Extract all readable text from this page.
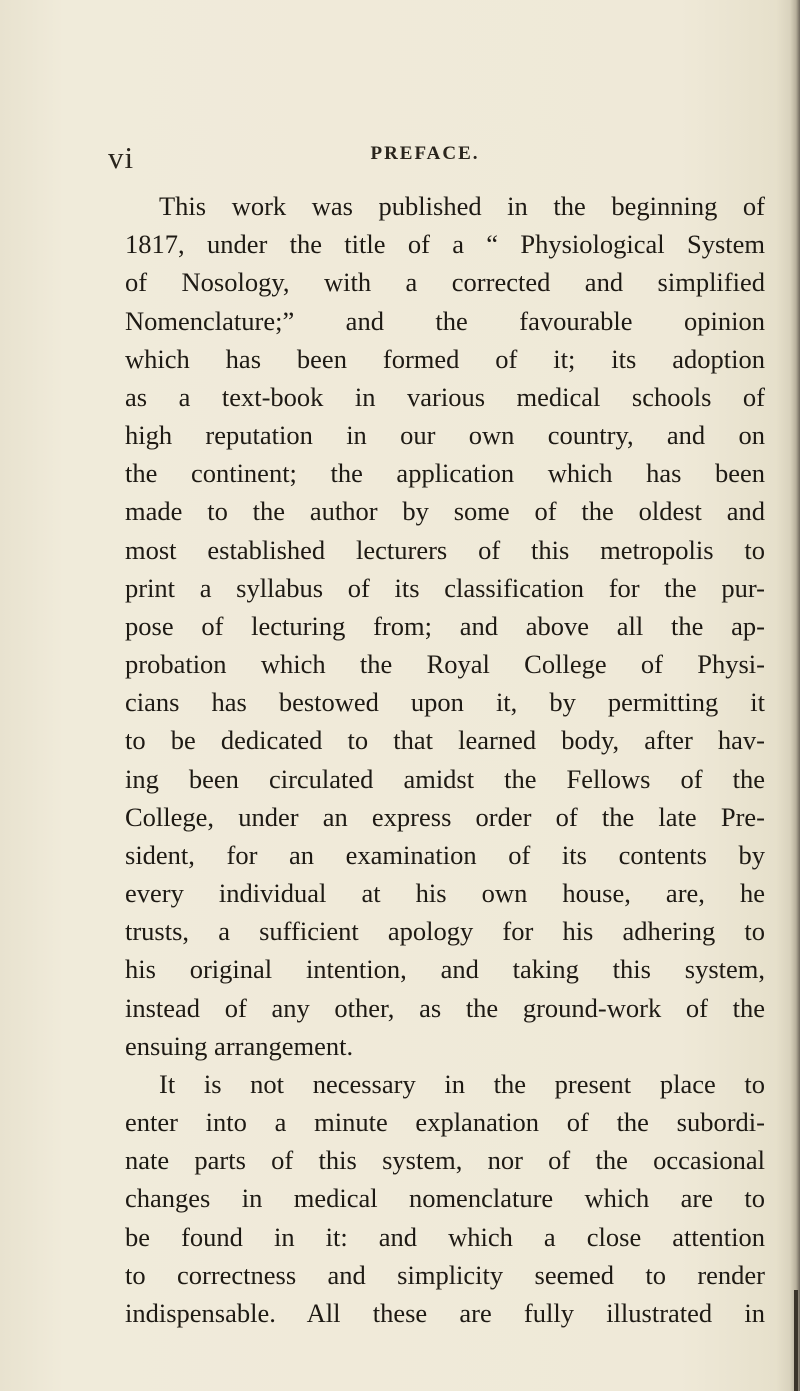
vi	PREFACE.
This work was published in the beginning of
1817, under the title of a “ Physiological System
of Nosology, with a corrected and simplified
Nomenclature;” and the favourable opinion
which has been formed of it; its adoption
as a text-book in various medical schools of
high reputation in our own country, and on
the continent; the application which has been
made to the author by some of the oldest and
most established lecturers of this metropolis to
print a syllabus of its classification for the pur-
pose of lecturing from; and above all the ap-
probation which the Royal College of Physi-
cians has bestowed upon it, by permitting it
to be dedicated to that learned body, after hav-
ing been circulated amidst the Fellows of the
College, under an express order of the late Pre-
sident, for an examination of its contents by
every individual at his own house, are, he
trusts, a sufficient apology for his adhering to
his original intention, and taking this system,
instead of any other, as the ground-work of the
ensuing arrangement.
It is not necessary in the present place to
enter into a minute explanation of the subordi-
nate parts of this system, nor of the occasional
changes in medical nomenclature which are to
be found in it: and which a close attention
to correctness and simplicity seemed to render
indispensable. All these are fully illustrated in
